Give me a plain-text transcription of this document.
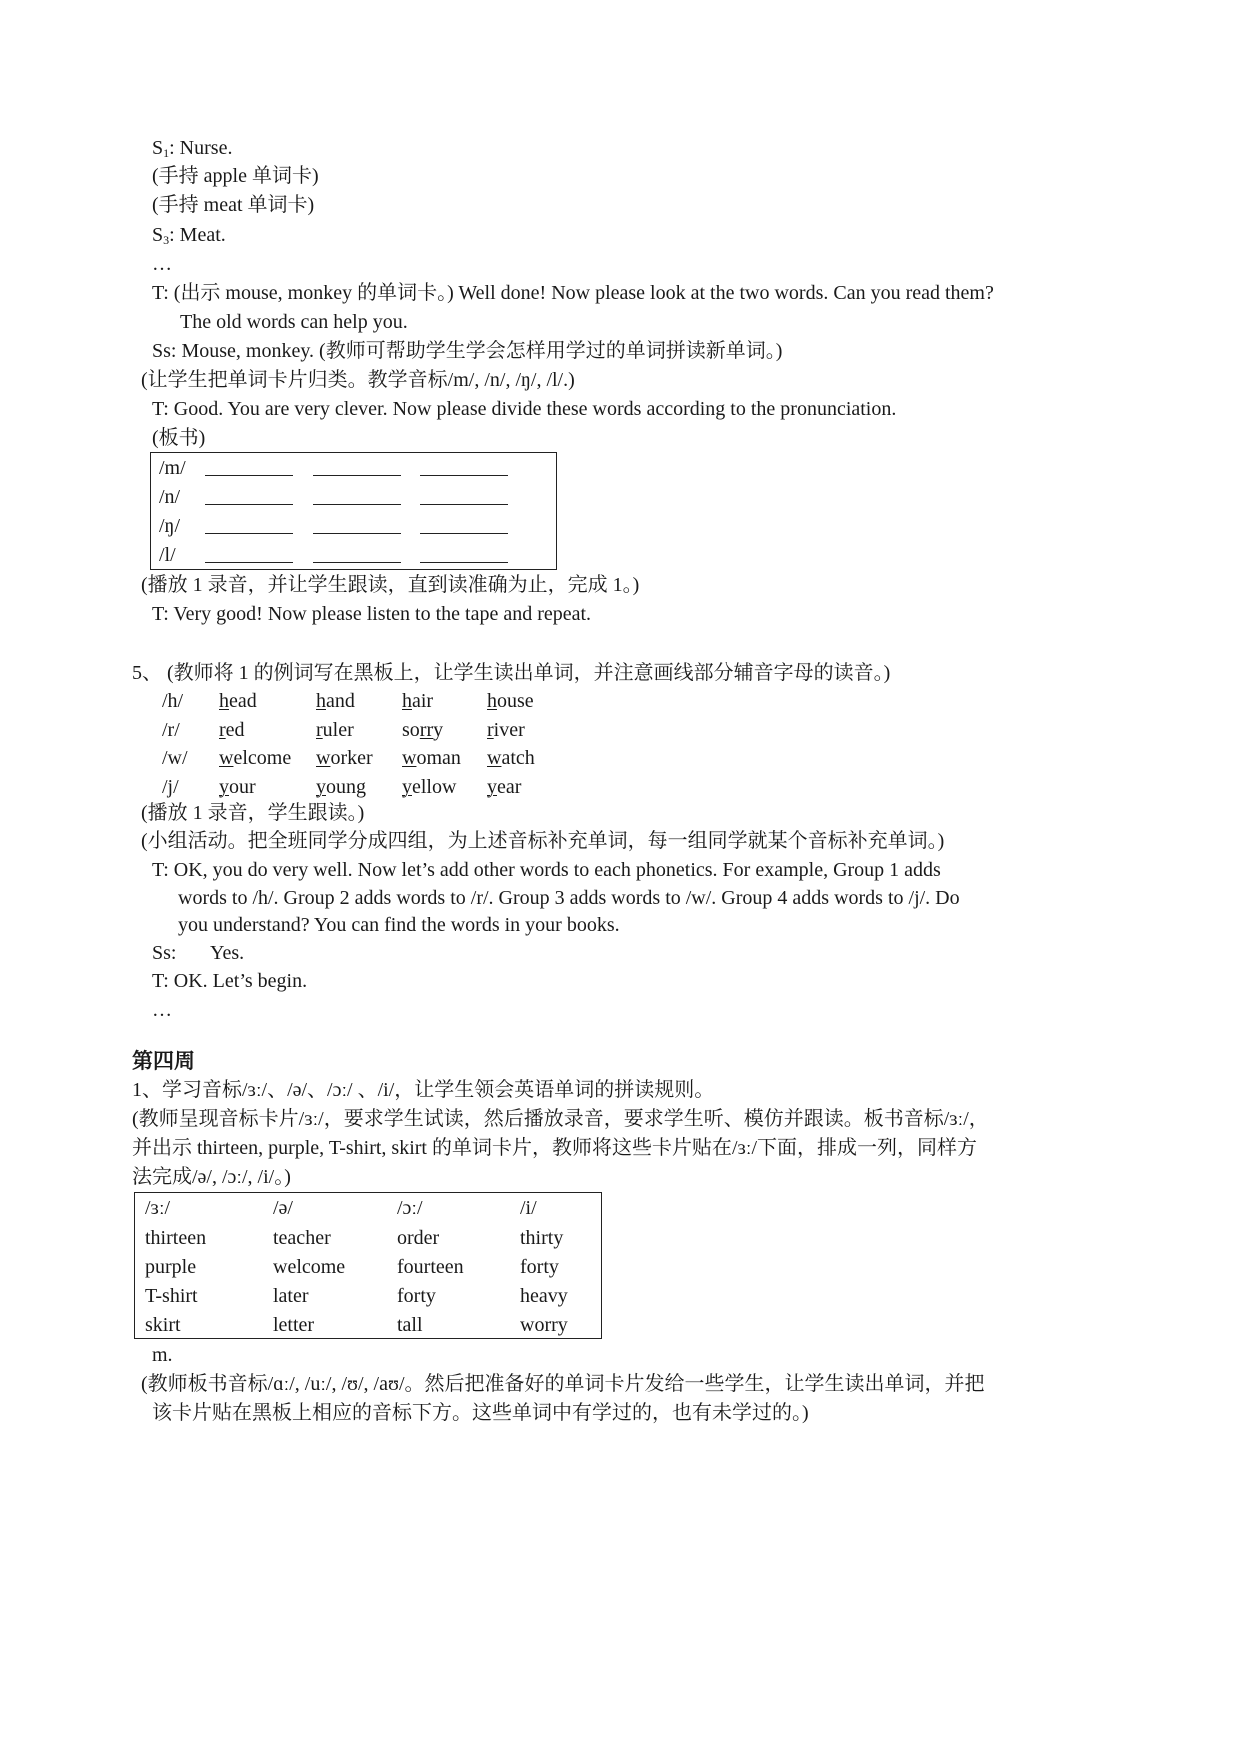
$S_1$: Nurse.
(手持 apple 单词卡)
(手持 meat 单词卡)
$S_3$: Meat.
…
T: (出示 mouse, monkey 的单词卡。) Well done! Now please look at the two words. Can you read them?
The old words can help you.
Ss: Mouse, monkey. (教师可帮助学生学会怎样用学过的单词拼读新单词。)
(让学生把单词卡片归类。教学音标/m/, /n/, /ŋ/, /l/.)
T: Good. You are very clever. Now please divide these words according to the pronunciation.
(板书)
/m/
/n/
/ŋ/
/l/
(播放 1 录音，并让学生跟读，直到读准确为止，完成 1。)
T: Very good! Now please listen to the tape and repeat.
5、 (教师将 1 的例词写在黑板上，让学生读出单词，并注意画线部分辅音字母的读音。)
/h/ head	hand hair	house
/r/ red	ruler sorry river
/w/ welcome worker woman watch
/j/ your	young yellow year
(播放 1 录音，学生跟读。)
(小组活动。把全班同学分成四组，为上述音标补充单词，每一组同学就某个音标补充单词。)
T: OK, you do very well. Now let’s add other words to each phonetics. For example, Group 1 adds
words to /h/. Group 2 adds words to /r/. Group 3 adds words to /w/. Group 4 adds words to /j/. Do
you understand? You can find the words in your books.
Ss: Yes.
T: OK. Let’s begin.
…
第四周
1、学习音标/ɜː/、/ə/、/ɔː/ 、/i/，让学生领会英语单词的拼读规则。
(教师呈现音标卡片/ɜː/，要求学生试读，然后播放录音，要求学生听、模仿并跟读。板书音标/ɜː/，
并出示 thirteen, purple, T-shirt, skirt 的单词卡片，教师将这些卡片贴在/ɜː/下面，排成一列，同样方
法完成/ə/, /ɔː/, /i/。)
/ɜː/	/ə/	/ɔː/	/i/
thirteen	teacher	order	thirty
purple	welcome	fourteen	forty
T-shirt	later	forty	heavy
skirt	letter	tall	worry
m.
(教师板书音标/ɑː/, /uː/, /ʊ/, /aʊ/。然后把准备好的单词卡片发给一些学生，让学生读出单词，并把
该卡片贴在黑板上相应的音标下方。这些单词中有学过的，也有未学过的。)
